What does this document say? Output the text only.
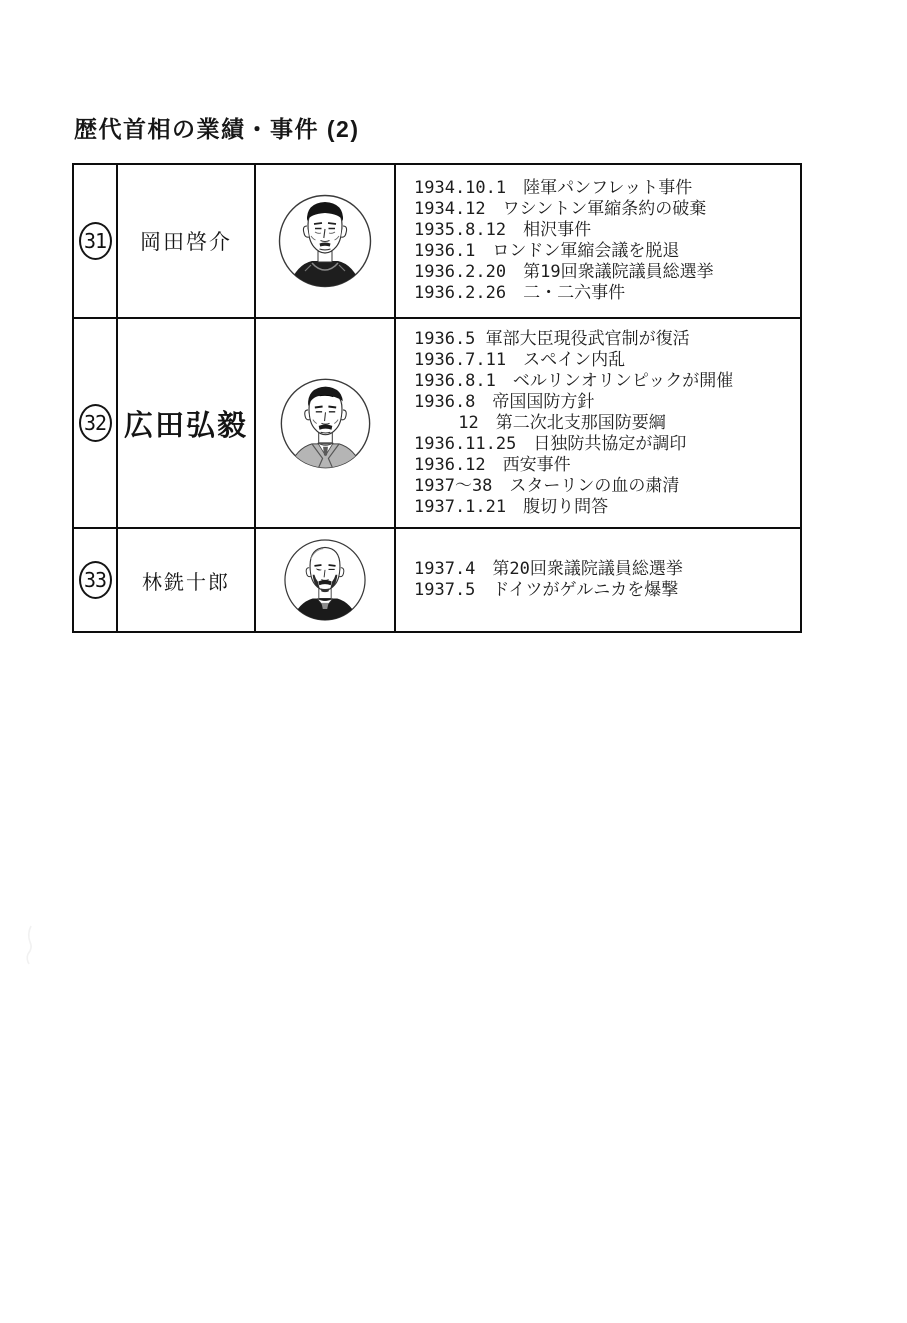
歴代首相の業績・事件 (2)
31 岡田啓介
1934.10.1　陸軍パンフレット事件
1934.12　ワシントン軍縮条約の破棄
1935.8.12　相沢事件
1936.1　ロンドン軍縮会議を脱退
1936.2.20　第19回衆議院議員総選挙
1936.2.26　二・二六事件
32 広田弘毅
1936.5 軍部大臣現役武官制が復活
1936.7.11　スペイン内乱
1936.8.1　ベルリンオリンピックが開催
1936.8　帝国国防方針
　　 12　第二次北支那国防要綱
1936.11.25　日独防共協定が調印
1936.12　西安事件
1937～38　スターリンの血の粛清
1937.1.21　腹切り問答
33 林銑十郎
1937.4　第20回衆議院議員総選挙
1937.5　ドイツがゲルニカを爆撃
